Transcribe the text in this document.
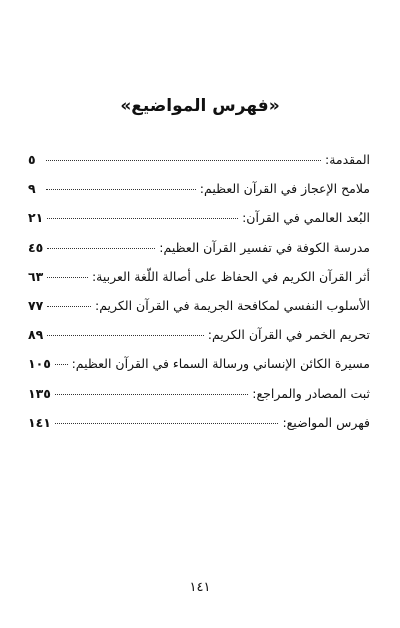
«فهرس المواضيع»
المقدمة:
٥
ملامح الإعجاز في القرآن العظيم:
٩
البُعد العالمي في القرآن:
٢١
مدرسة الكوفة في تفسير القرآن العظيم:
٤٥
أثر القرآن الكريم في الحفاظ على أصالة اللّغة العربية:
٦٣
الأسلوب النفسي لمكافحة الجريمة في القرآن الكريم:
٧٧
تحريم الخمر في القرآن الكريم:
٨٩
مسيرة الكائن الإنساني ورسالة السماء في القرآن العظيم:
١٠٥
ثبت المصادر والمراجع:
١٣٥
فهرس المواضيع:
١٤١
١٤١
